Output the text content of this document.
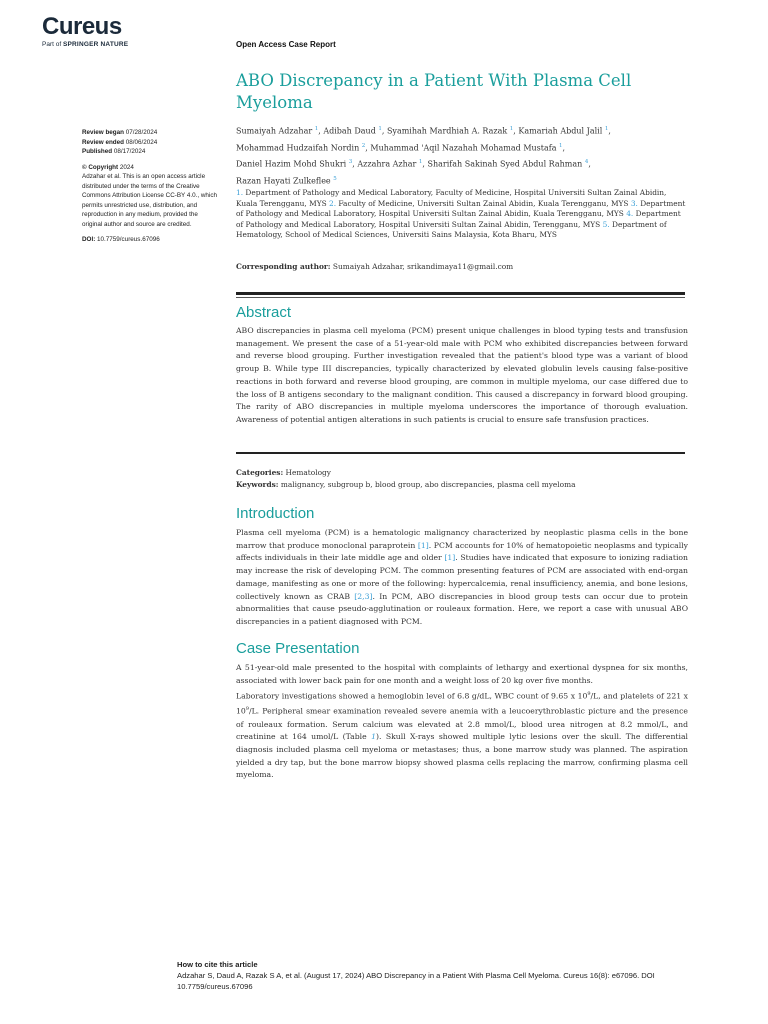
Cureus
Part of SPRINGER NATURE	Open Access Case Report
ABO Discrepancy in a Patient With Plasma Cell Myeloma
Review began 07/28/2024
Review ended 08/06/2024
Published 08/17/2024
© Copyright 2024
Adzahar et al. This is an open access article distributed under the terms of the Creative Commons Attribution License CC-BY 4.0., which permits unrestricted use, distribution, and reproduction in any medium, provided the original author and source are credited.
DOI: 10.7759/cureus.67096
Sumaiyah Adzahar $^1$, Adibah Daud $^1$, Syamihah Mardhiah A. Razak $^1$, Kamariah Abdul Jalil $^1$,
Mohammad Hudzaifah Nordin $^2$, Muhammad 'Aqil Nazahah Mohamad Mustafa $^1$,
Daniel Hazim Mohd Shukri $^3$, Azzahra Azhar $^1$, Sharifah Sakinah Syed Abdul Rahman $^4$,
Razan Hayati Zulkeflee $^5$
1. Department of Pathology and Medical Laboratory, Faculty of Medicine, Hospital Universiti Sultan Zainal Abidin, Kuala Terengganu, MYS 2. Faculty of Medicine, Universiti Sultan Zainal Abidin, Kuala Terengganu, MYS 3. Department of Pathology and Medical Laboratory, Hospital Universiti Sultan Zainal Abidin, Kuala Terengganu, MYS 4. Department of Pathology and Medical Laboratory, Hospital Universiti Sultan Zainal Abidin, Terengganu, MYS 5. Department of Hematology, School of Medical Sciences, Universiti Sains Malaysia, Kota Bharu, MYS
Corresponding author: Sumaiyah Adzahar, srikandimaya11@gmail.com
Abstract

ABO discrepancies in plasma cell myeloma (PCM) present unique challenges in blood typing tests and transfusion management. We present the case of a 51-year-old male with PCM who exhibited discrepancies between forward and reverse blood grouping. Further investigation revealed that the patient's blood type was a variant of blood group B. While type III discrepancies, typically characterized by elevated globulin levels causing false-positive reactions in both forward and reverse blood grouping, are common in multiple myeloma, our case differed due to the loss of B antigens secondary to the malignant condition. This caused a discrepancy in forward blood grouping. The rarity of ABO discrepancies in multiple myeloma underscores the importance of thorough evaluation. Awareness of potential antigen alterations in such patients is crucial to ensure safe transfusion practices.

Categories: Hematology
Keywords: malignancy, subgroup b, blood group, abo discrepancies, plasma cell myeloma
Introduction

Plasma cell myeloma (PCM) is a hematologic malignancy characterized by neoplastic plasma cells in the bone marrow that produce monoclonal paraprotein [1]. PCM accounts for 10% of hematopoietic neoplasms and typically affects individuals in their late middle age and older [1]. Studies have indicated that exposure to ionizing radiation may increase the risk of developing PCM. The common presenting features of PCM are associated with end-organ damage, manifesting as one or more of the following: hypercalcemia, renal insufficiency, anemia, and bone lesions, collectively known as CRAB [2,3]. In PCM, ABO discrepancies in blood group tests can occur due to protein abnormalities that cause pseudo-agglutination or rouleaux formation. Here, we report a case with unusual ABO discrepancies in a patient diagnosed with PCM.

Case Presentation

A 51-year-old male presented to the hospital with complaints of lethargy and exertional dyspnea for six months, associated with lower back pain for one month and a weight loss of 20 kg over five months.

Laboratory investigations showed a hemoglobin level of 6.8 g/dL, WBC count of 9.65 x $10^9/L$, and platelets of 221 x $10^9/L$. Peripheral smear examination revealed severe anemia with a leucoerythroblastic picture and the presence of rouleaux formation. Serum calcium was elevated at 2.8 mmol/L, blood urea nitrogen at 8.2 mmol/L, and creatinine at 164 umol/L (Table 1). Skull X-rays showed multiple lytic lesions over the skull. The differential diagnosis included plasma cell myeloma or metastases; thus, a bone marrow study was planned. The aspiration yielded a dry tap, but the bone marrow biopsy showed plasma cells replacing the marrow, confirming plasma cell myeloma.

How to cite this article
Adzahar S, Daud A, Razak S A, et al. (August 17, 2024) ABO Discrepancy in a Patient With Plasma Cell Myeloma. Cureus 16(8): e67096. DOI 10.7759/cureus.67096
